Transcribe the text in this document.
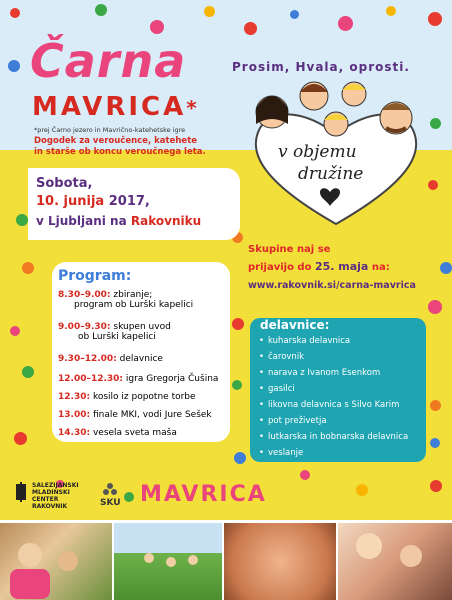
Čarna
MAVRICA*
*prej Čarno jezero in Mavrično-katehetske igre
Dogodek za veroučence, katehete
in starše ob koncu veroučnega leta.
Prosim, Hvala, oprosti.
v objemu
družine
Sobota,
10. junija 2017,
v Ljubljani na Rakovniku
Skupine naj se
prijavijo do 25. maja na:
www.rakovnik.si/carna-mavrica
Program:
8.30–9.00: zbiranje;
program ob Lurški kapelici
9.00–9.30: skupen uvod
ob Lurški kapelici
9.30–12.00: delavnice
12.00–12.30: igra Gregorja Čušina
12.30: kosilo iz popotne torbe
13.00: finale MKI, vodi Jure Sešek
14.30: vesela sveta maša
delavnice:
• kuharska delavnica
• čarovnik
• narava z Ivanom Esenkom
• gasilci
• likovna delavnica s Silvo Karim
• pot preživetja
• lutkarska in bobnarska delavnica
• veslanje
SALEZIJANSKI
MLADINSKI
CENTER
RAKOVNIK	SKU MAVRICA
